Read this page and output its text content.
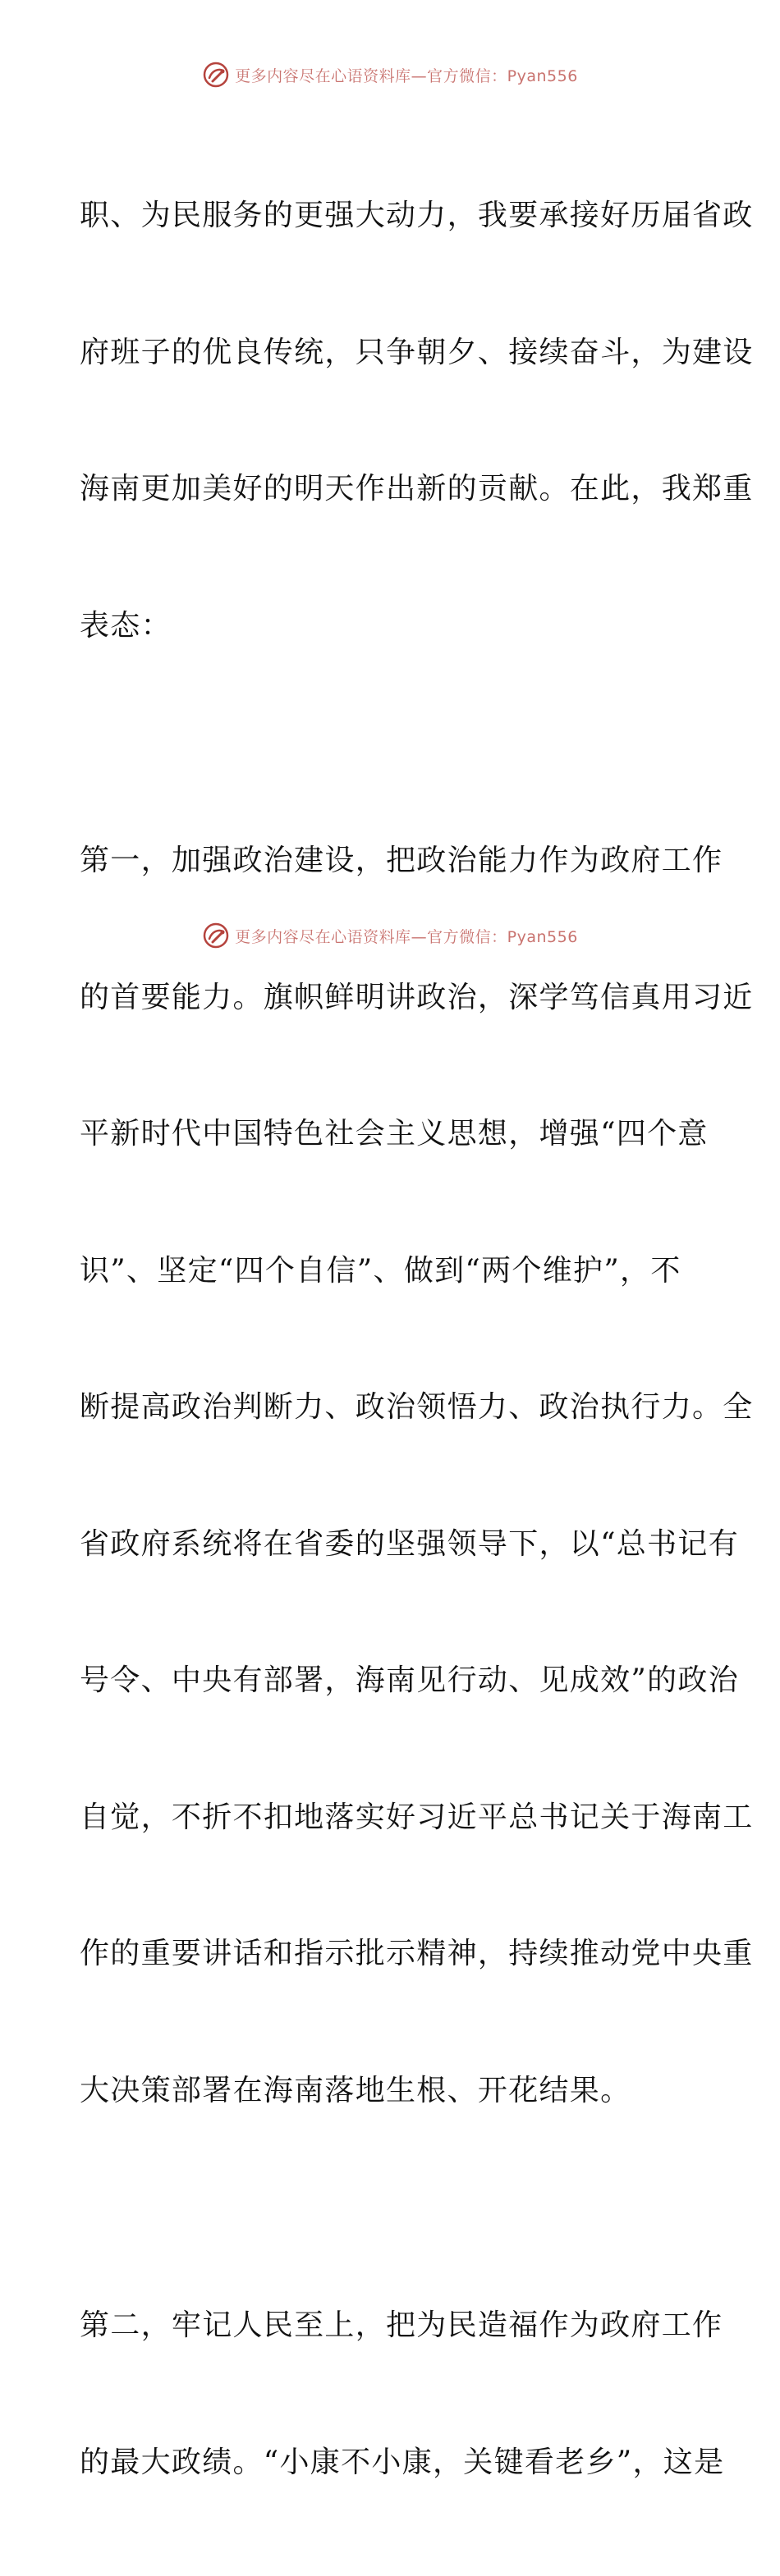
更多内容尽在心语资料库—官方微信：Pyan556

职、为民服务的更强大动力，我要承接好历届省政

府班子的优良传统，只争朝夕、接续奋斗，为建设

海南更加美好的明天作出新的贡献。在此，我郑重

表态：

第一，加强政治建设，把政治能力作为政府工作

的首要能力。旗帜鲜明讲政治，深学笃信真用习近

平新时代中国特色社会主义思想，增强“四个意

识”、坚定“四个自信”、做到“两个维护”，不

断提高政治判断力、政治领悟力、政治执行力。全

省政府系统将在省委的坚强领导下，以“总书记有

号令、中央有部署，海南见行动、见成效”的政治

自觉，不折不扣地落实好习近平总书记关于海南工

作的重要讲话和指示批示精神，持续推动党中央重

大决策部署在海南落地生根、开花结果。

第二，牢记人民至上，把为民造福作为政府工作

的最大政绩。“小康不小康，关键看老乡”，这是

更多内容尽在心语资料库—官方微信：Pyan556
